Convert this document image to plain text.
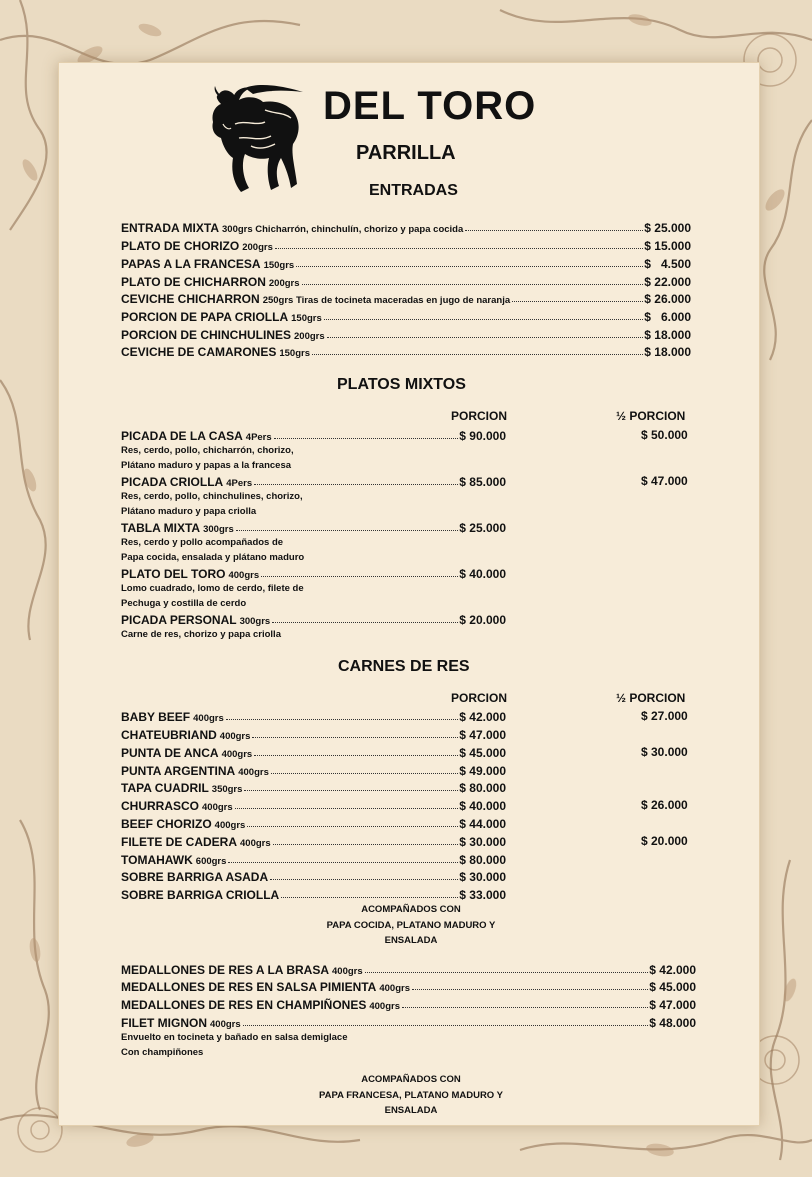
DEL TORO
PARRILLA
ENTRADAS
ENTRADA MIXTA 300grs Chicharrón, chinchulín, chorizo y papa cocida	$ 25.000
PLATO DE CHORIZO 200grs	$ 15.000
PAPAS A LA FRANCESA 150grs	$   4.500
PLATO DE CHICHARRON 200grs	$ 22.000
CEVICHE CHICHARRON 250grs Tiras de tocineta maceradas en jugo de naranja	$ 26.000
PORCION DE PAPA CRIOLLA 150grs	$   6.000
PORCION DE CHINCHULINES 200grs	$ 18.000
CEVICHE DE CAMARONES 150grs	$ 18.000
PLATOS MIXTOS
PORCION	½ PORCION
PICADA DE LA CASA 4Pers	$ 90.000	$ 50.000
Res, cerdo, pollo, chicharrón, chorizo,
Plátano maduro y papas a la francesa
PICADA CRIOLLA 4Pers	$ 85.000	$ 47.000
Res, cerdo, pollo, chinchulines, chorizo,
Plátano maduro y papa criolla
TABLA MIXTA 300grs	$ 25.000
Res, cerdo y pollo acompañados de
Papa cocida, ensalada y plátano maduro
PLATO DEL TORO 400grs	$ 40.000
Lomo cuadrado, lomo de cerdo, filete de
Pechuga y costilla de cerdo
PICADA PERSONAL 300grs	$ 20.000
Carne de res, chorizo y papa criolla
CARNES DE RES
PORCION	½ PORCION
BABY BEEF 400grs	$ 42.000	$ 27.000
CHATEUBRIAND 400grs	$ 47.000
PUNTA DE ANCA 400grs	$ 45.000	$ 30.000
PUNTA ARGENTINA 400grs	$ 49.000
TAPA CUADRIL 350grs	$ 80.000
CHURRASCO 400grs	$ 40.000	$ 26.000
BEEF CHORIZO 400grs	$ 44.000
FILETE DE CADERA 400grs	$ 30.000	$ 20.000
TOMAHAWK 600grs	$ 80.000
SOBRE BARRIGA ASADA	$ 30.000
SOBRE BARRIGA CRIOLLA	$ 33.000
ACOMPAÑADOS CON
PAPA COCIDA, PLATANO MADURO Y
ENSALADA
MEDALLONES DE RES A LA BRASA 400grs	$ 42.000
MEDALLONES DE RES EN SALSA PIMIENTA 400grs	$ 45.000
MEDALLONES DE RES EN CHAMPIÑONES 400grs	$ 47.000
FILET MIGNON 400grs	$ 48.000
Envuelto en tocineta y bañado en salsa demiglace
Con champiñones
ACOMPAÑADOS CON
PAPA FRANCESA, PLATANO MADURO Y
ENSALADA
